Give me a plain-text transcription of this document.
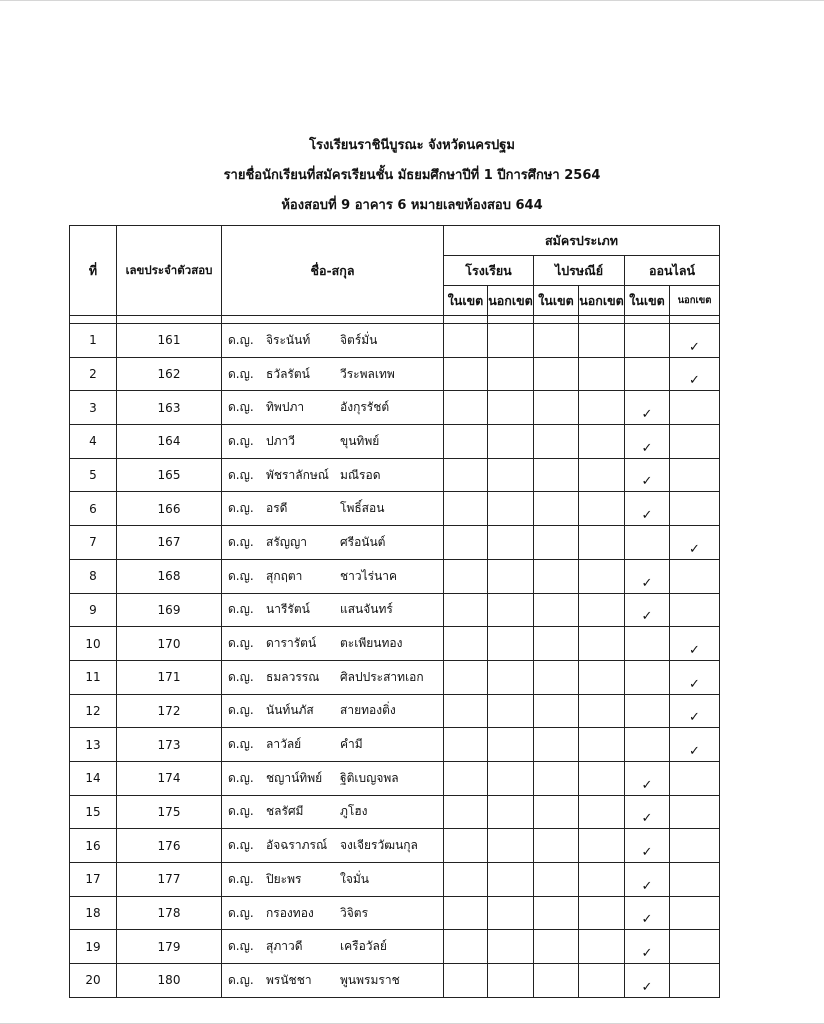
โรงเรียนราชินีบูรณะ จังหวัดนครปฐม
รายชื่อนักเรียนที่สมัครเรียนชั้น มัธยมศึกษาปีที่ 1 ปีการศึกษา 2564
ห้องสอบที่ 9 อาคาร 6 หมายเลขห้องสอบ 644
ที่	เลขประจำตัวสอบ	ชื่อ-สกุล	สมัครประเภท					
			โรงเรียน		ไปรษณีย์		ออนไลน์	
			ในเขต	นอกเขต	ในเขต	นอกเขต	ในเขต	นอกเขต

1	161	ด.ญ. จิระนันท์ จิตร์มั่น						✓
2	162	ด.ญ. ธวัลรัตน์ วีระพลเทพ						✓
3	163	ด.ญ. ทิพปภา อังกุรรัชต์					✓	
4	164	ด.ญ. ปภาวี ขุนทิพย์					✓	
5	165	ด.ญ. พัชราลักษณ์ มณีรอด					✓	
6	166	ด.ญ. อรดี โพธิ์สอน					✓	
7	167	ด.ญ. สรัญญา ศรีอนันต์						✓
8	168	ด.ญ. สุกฤตา ชาวไร่นาค					✓	
9	169	ด.ญ. นารีรัตน์ แสนจันทร์					✓	
10	170	ด.ญ. ดารารัตน์ ตะเพียนทอง						✓
11	171	ด.ญ. ธมลวรรณ ศิลปประสาทเอก						✓
12	172	ด.ญ. นันท์นภัส สายทองติ่ง						✓
13	173	ด.ญ. ลาวัลย์ คำมี						✓
14	174	ด.ญ. ชญาน์ทิพย์ ฐิติเบญจพล					✓	
15	175	ด.ญ. ชลรัศมี ภูโฮง					✓	
16	176	ด.ญ. อัจฉราภรณ์ จงเจียรวัฒนกุล					✓	
17	177	ด.ญ. ปิยะพร ใจมั่น					✓	
18	178	ด.ญ. กรองทอง วิจิตร					✓	
19	179	ด.ญ. สุภาวดี เครือวัลย์					✓	
20	180	ด.ญ. พรนัชชา พูนพรมราช					✓	
